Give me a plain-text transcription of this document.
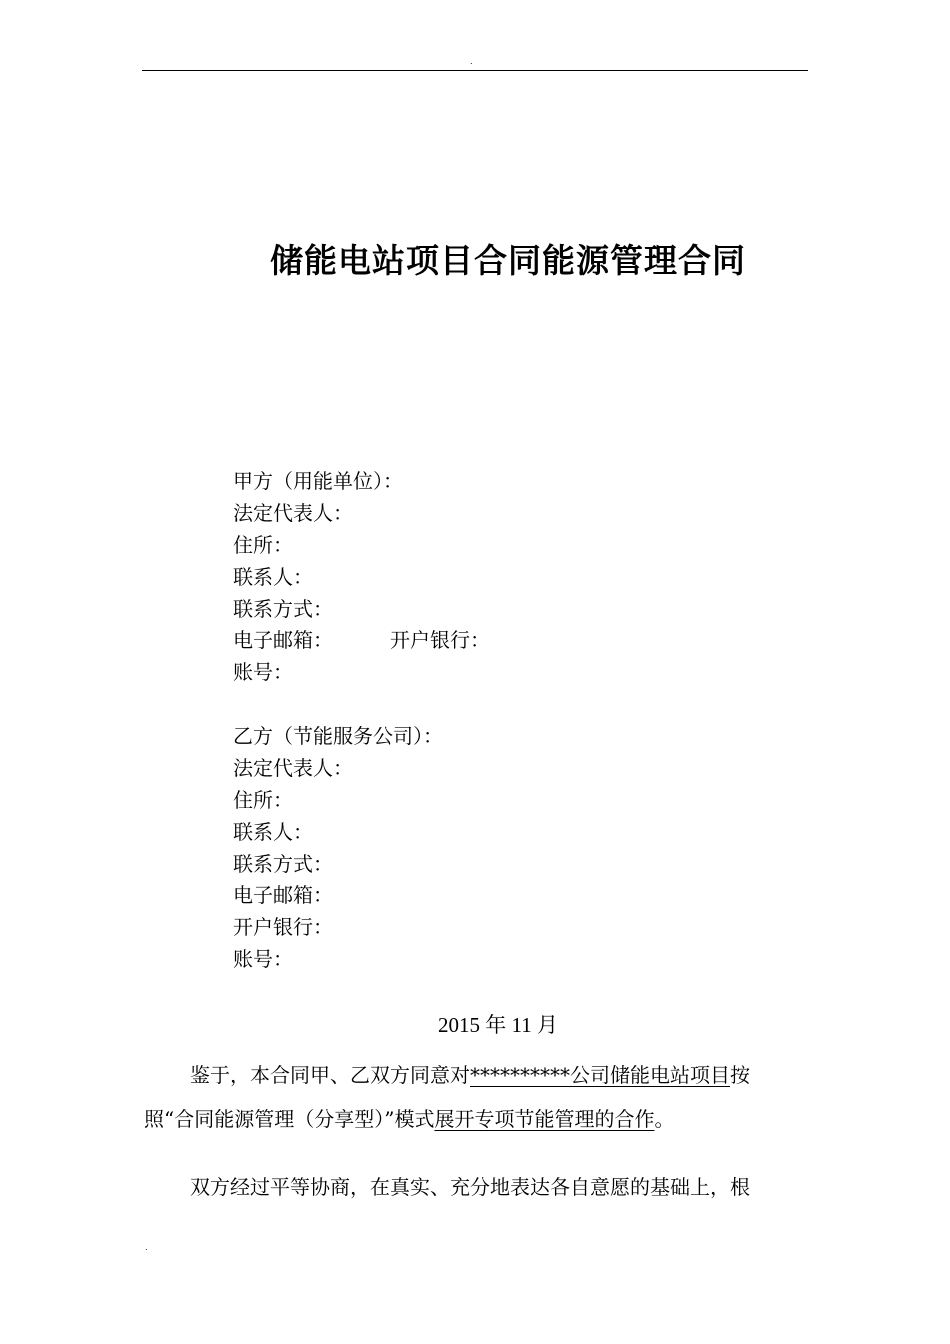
.
储能电站项目合同能源管理合同
甲方（用能单位）：
法定代表人：
住所：
联系人：
联系方式：
电子邮箱：	开户银行：
账号：
乙方（节能服务公司）：
法定代表人：
住所：
联系人：
联系方式：
电子邮箱：
开户银行：
账号：
2015 年 11 月

鉴于，本合同甲、乙双方同意对**********公司储能电站项目按

照“合同能源管理（分享型）”模式展开专项节能管理的合作。

双方经过平等协商，在真实、充分地表达各自意愿的基础上，根

.
